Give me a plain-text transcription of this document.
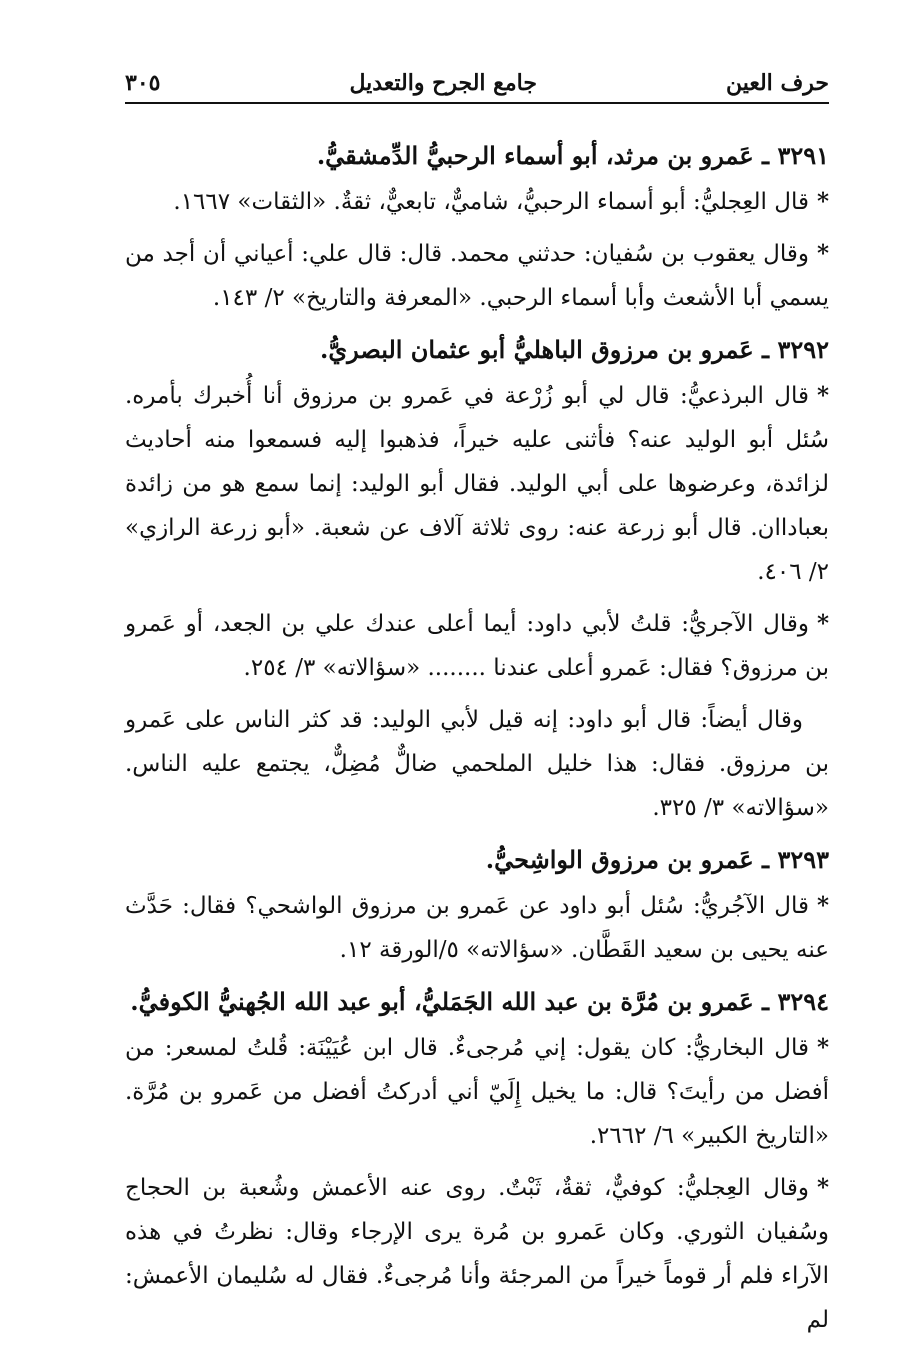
حرف العين
جامع الجرح والتعديل
٣٠٥
٣٢٩١ ـ عَمرو بن مرثد، أبو أسماء الرحبيُّ الدِّمشقيُّ.

*قال العِجليُّ: أبو أسماء الرحبيُّ، شاميٌّ، تابعيٌّ، ثقةٌ. «الثقات» ١٦٦٧.

*وقال يعقوب بن سُفيان: حدثني محمد. قال: قال علي: أعياني أن أجد من يسمي أبا الأشعث وأبا أسماء الرحبي. «المعرفة والتاريخ» ٢/ ١٤٣.

٣٢٩٢ ـ عَمرو بن مرزوق الباهليُّ أبو عثمان البصريُّ.

*قال البرذعيُّ: قال لي أبو زُرْعة في عَمرو بن مرزوق أنا أُخبرك بأمره. سُئل أبو الوليد عنه؟ فأثنى عليه خيراً، فذهبوا إليه فسمعوا منه أحاديث لزائدة، وعرضوها على أبي الوليد. فقال أبو الوليد: إنما سمع هو من زائدة بعباداان. قال أبو زرعة عنه: روى ثلاثة آلاف عن شعبة. «أبو زرعة الرازي» ٢/ ٤٠٦.

*وقال الآجريُّ: قلتُ لأبي داود: أيما أعلى عندك علي بن الجعد، أو عَمرو بن مرزوق؟ فقال: عَمرو أعلى عندنا ........ «سؤالاته» ٣/ ٢٥٤.

وقال أيضاً: قال أبو داود: إنه قيل لأبي الوليد: قد كثر الناس على عَمرو بن مرزوق. فقال: هذا خليل الملحمي ضالٌّ مُضِلٌّ، يجتمع عليه الناس. «سؤالاته» ٣/ ٣٢٥.

٣٢٩٣ ـ عَمرو بن مرزوق الواشِحيُّ.

*قال الآجُريُّ: سُئل أبو داود عن عَمرو بن مرزوق الواشحي؟ فقال: حَدَّث عنه يحيى بن سعيد القَطَّان. «سؤالاته» ٥/الورقة ١٢.

٣٢٩٤ ـ عَمرو بن مُرَّة بن عبد الله الجَمَليُّ، أبو عبد الله الجُهنيُّ الكوفيُّ.

*قال البخاريُّ: كان يقول: إني مُرجىءٌ. قال ابن عُيَيْنَة: قُلتُ لمسعر: من أفضل من رأيتَ؟ قال: ما يخيل إِلَيّ أني أدركتُ أفضل من عَمرو بن مُرَّة. «التاريخ الكبير» ٦/ ٢٦٦٢.

*وقال العِجليُّ: كوفيٌّ، ثقةٌ، ثَبْتٌ. روى عنه الأعمش وشُعبة بن الحجاج وسُفيان الثوري. وكان عَمرو بن مُرة يرى الإرجاء وقال: نظرتُ في هذه الآراء فلم أر قوماً خيراً من المرجئة وأنا مُرجىءٌ. فقال له سُليمان الأعمش: لم
